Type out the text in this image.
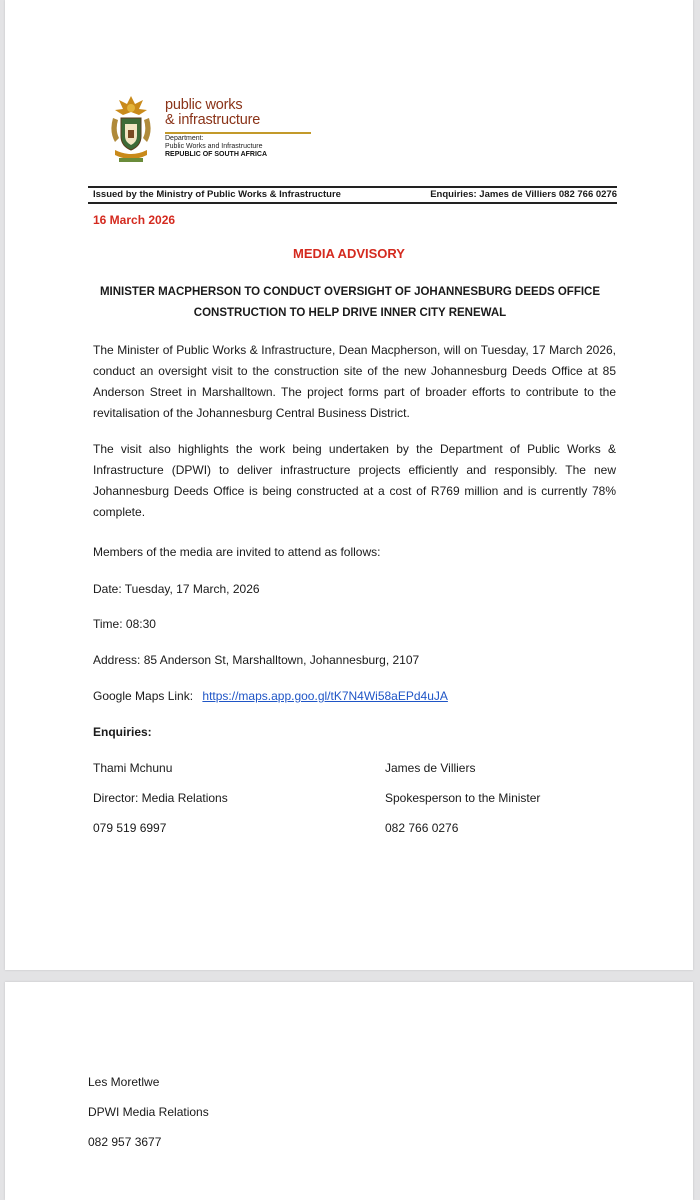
public works
& infrastructure
Department:
Public Works and Infrastructure
REPUBLIC OF SOUTH AFRICA
Issued by the Ministry of Public Works & Infrastructure	Enquiries: James de Villiers 082 766 0276
16 March 2026
MEDIA ADVISORY
MINISTER MACPHERSON TO CONDUCT OVERSIGHT OF JOHANNESBURG DEEDS OFFICE CONSTRUCTION TO HELP DRIVE INNER CITY RENEWAL
The Minister of Public Works & Infrastructure, Dean Macpherson, will on Tuesday, 17 March 2026, conduct an oversight visit to the construction site of the new Johannesburg Deeds Office at 85 Anderson Street in Marshalltown. The project forms part of broader efforts to contribute to the revitalisation of the Johannesburg Central Business District.
The visit also highlights the work being undertaken by the Department of Public Works & Infrastructure (DPWI) to deliver infrastructure projects efficiently and responsibly. The new Johannesburg Deeds Office is being constructed at a cost of R769 million and is currently 78% complete.
Members of the media are invited to attend as follows:
Date: Tuesday, 17 March, 2026
Time: 08:30
Address: 85 Anderson St, Marshalltown, Johannesburg, 2107
Google Maps Link: https://maps.app.goo.gl/tK7N4Wi58aEPd4uJA
Enquiries:
Thami Mchunu
Director: Media Relations
079 519 6997
James de Villiers
Spokesperson to the Minister
082 766 0276
Les Moretlwe
DPWI Media Relations
082 957 3677
